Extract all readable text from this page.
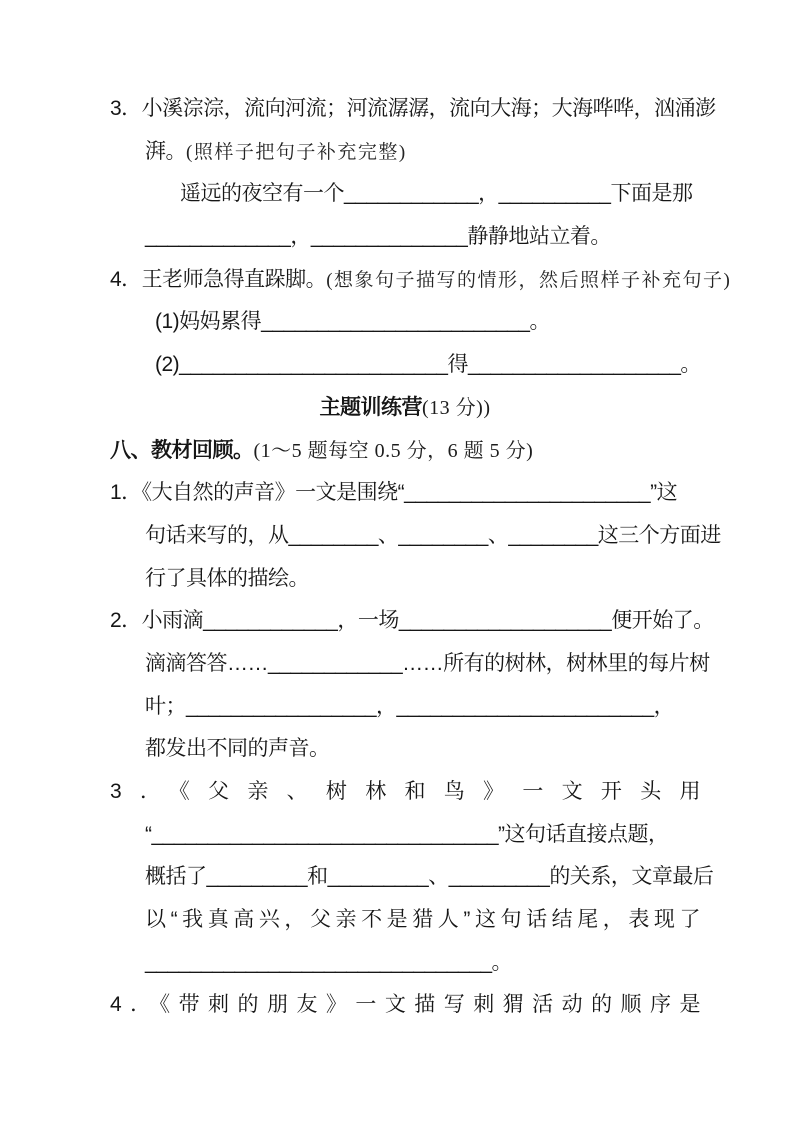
3．小溪淙淙，流向河流；河流潺潺，流向大海；大海哗哗，汹涌澎
湃。(照样子把句子补充完整)
遥远的夜空有一个____________，__________下面是那
_____________，______________静静地站立着。
4．王老师急得直跺脚。(想象句子描写的情形，然后照样子补充句子)
(1)妈妈累得________________________。
(2)________________________得___________________。
主题训练营(13 分))
八、教材回顾。(1～5 题每空 0.5 分，6 题 5 分)
1．《大自然的声音》一文是围绕“______________________”这
句话来写的，从________、________、________这三个方面进
行了具体的描绘。
2．小雨滴____________，一场___________________便开始了。
滴滴答答……____________……所有的树林，树林里的每片树
叶；_________________，_______________________，
都发出不同的声音。
3．《父亲、树林和鸟》一文开头用
“_______________________________”这句话直接点题，
概括了_________和_________、_________的关系，文章最后
以“我真高兴，父亲不是猎人”这句话结尾，表现了
_______________________________。
4．《带刺的朋友》一文描写刺猬活动的顺序是
